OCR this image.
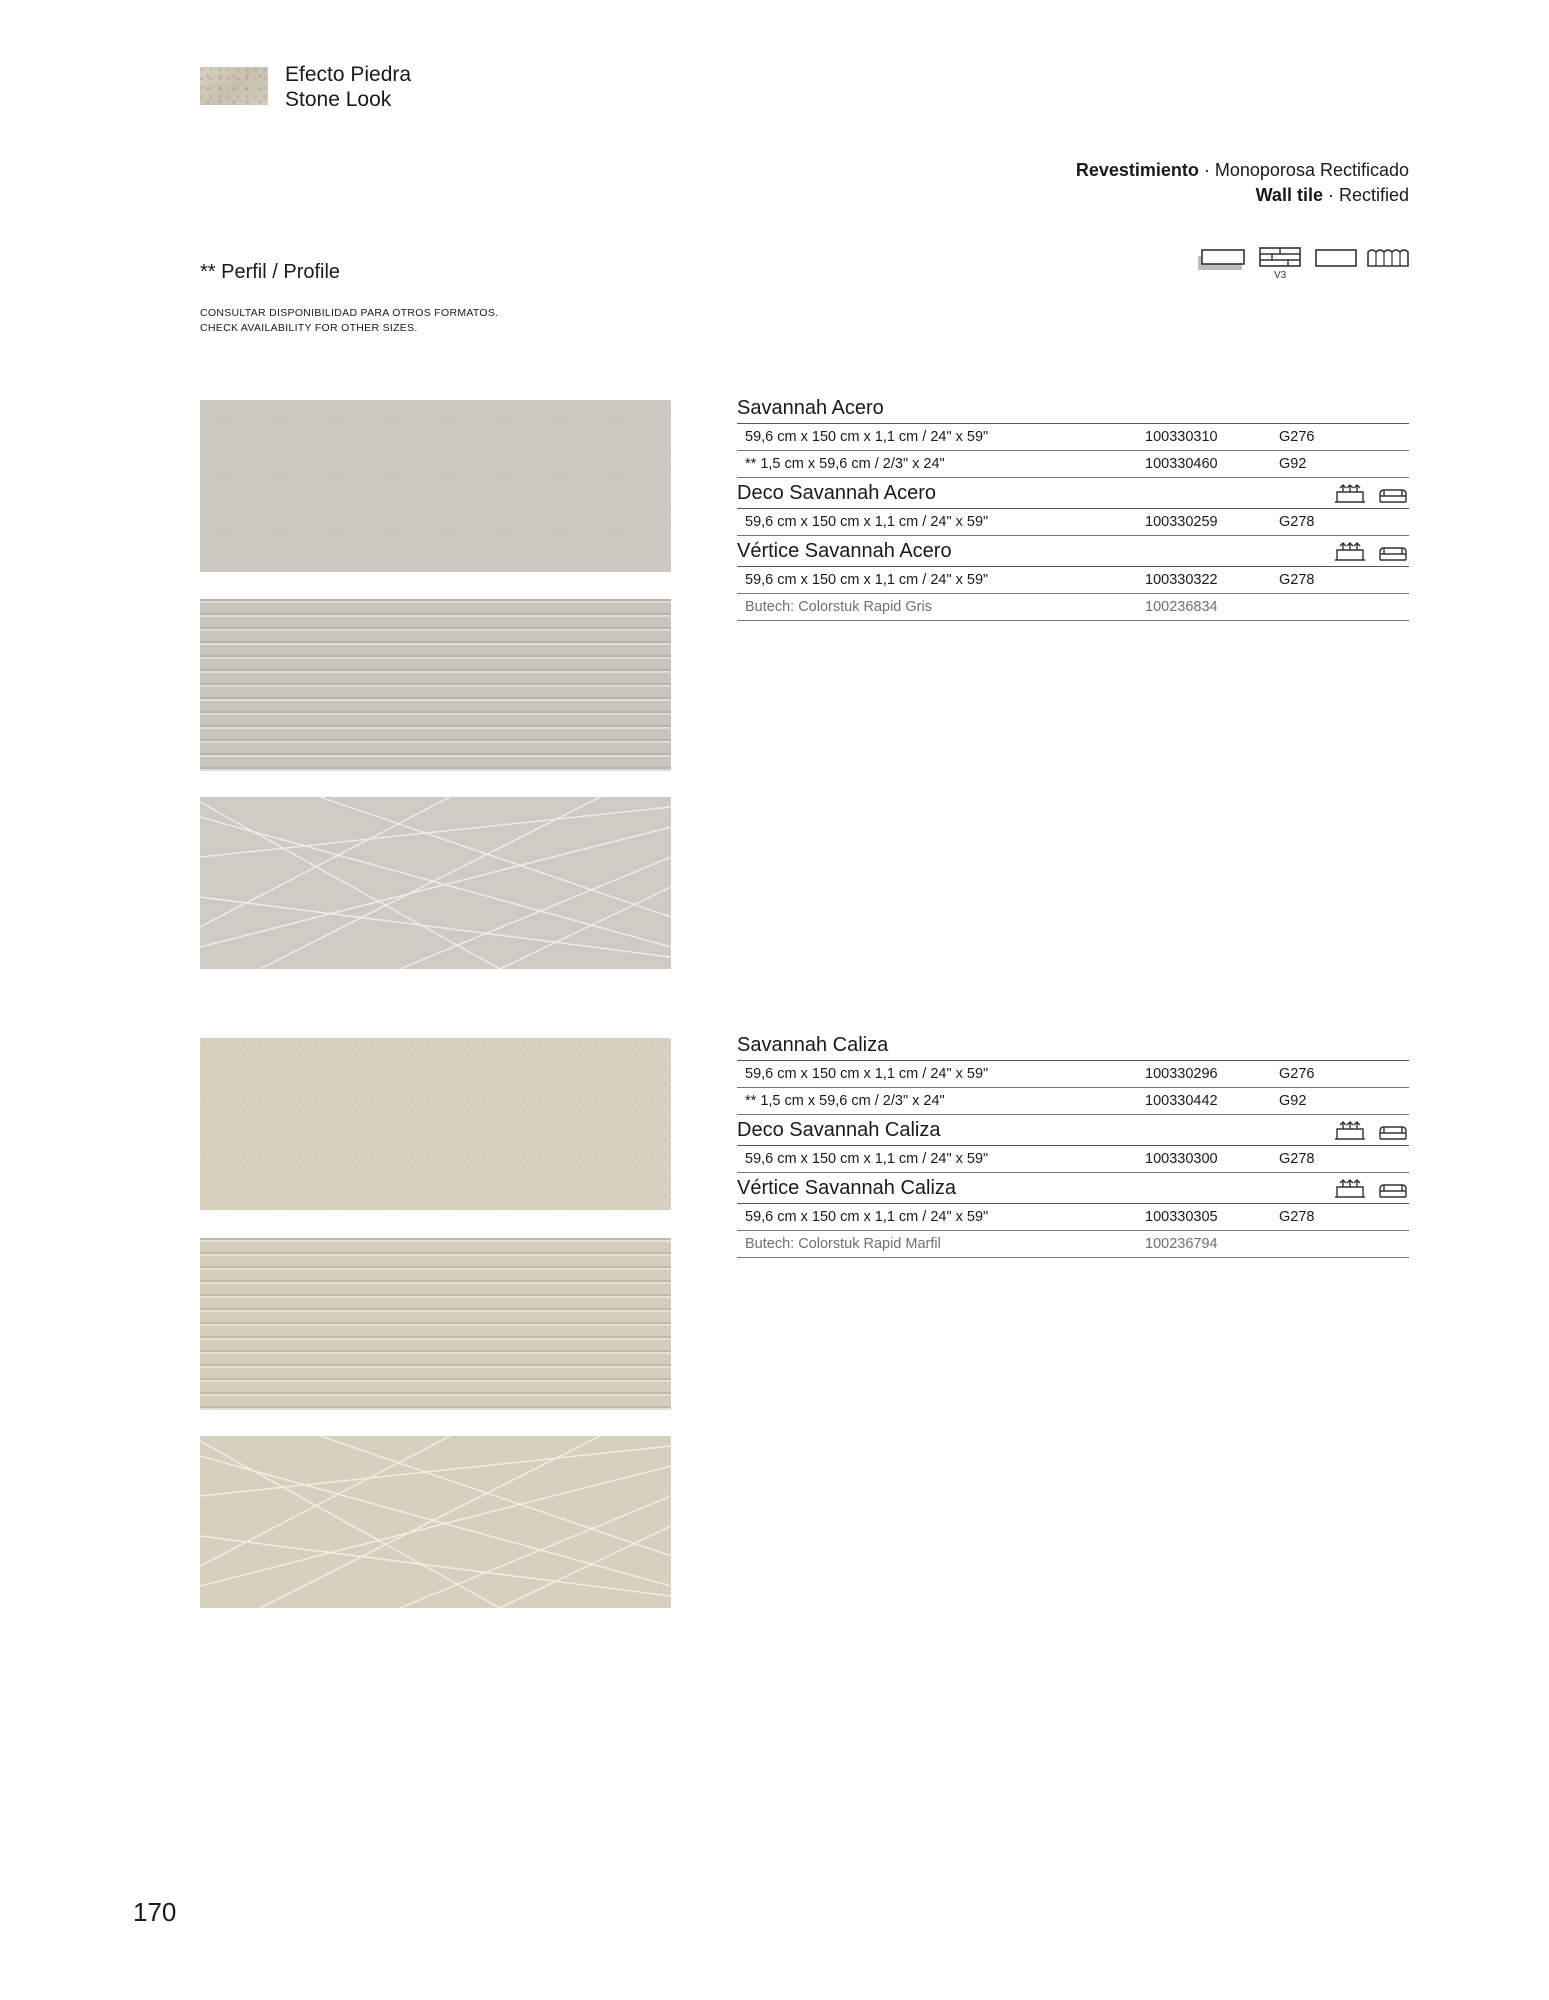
Efecto Piedra
Stone Look
Revestimiento · Monoporosa Rectificado
Wall tile · Rectified
** Perfil / Profile
CONSULTAR DISPONIBILIDAD PARA OTROS FORMATOS.
CHECK AVAILABILITY FOR OTHER SIZES.
V3
Savannah Acero
59,6 cm x 150 cm x 1,1 cm / 24" x 59"	100330310	G276
** 1,5 cm x 59,6 cm / 2/3" x 24"	100330460	G92
Deco Savannah Acero
59,6 cm x 150 cm x 1,1 cm / 24" x 59"	100330259	G278
Vértice Savannah Acero
59,6 cm x 150 cm x 1,1 cm / 24" x 59"	100330322	G278
Butech: Colorstuk Rapid Gris	100236834
Savannah Caliza
59,6 cm x 150 cm x 1,1 cm / 24" x 59"	100330296	G276
** 1,5 cm x 59,6 cm / 2/3" x 24"	100330442	G92
Deco Savannah Caliza
59,6 cm x 150 cm x 1,1 cm / 24" x 59"	100330300	G278
Vértice Savannah Caliza
59,6 cm x 150 cm x 1,1 cm / 24" x 59"	100330305	G278
Butech: Colorstuk Rapid Marfil	100236794
170
